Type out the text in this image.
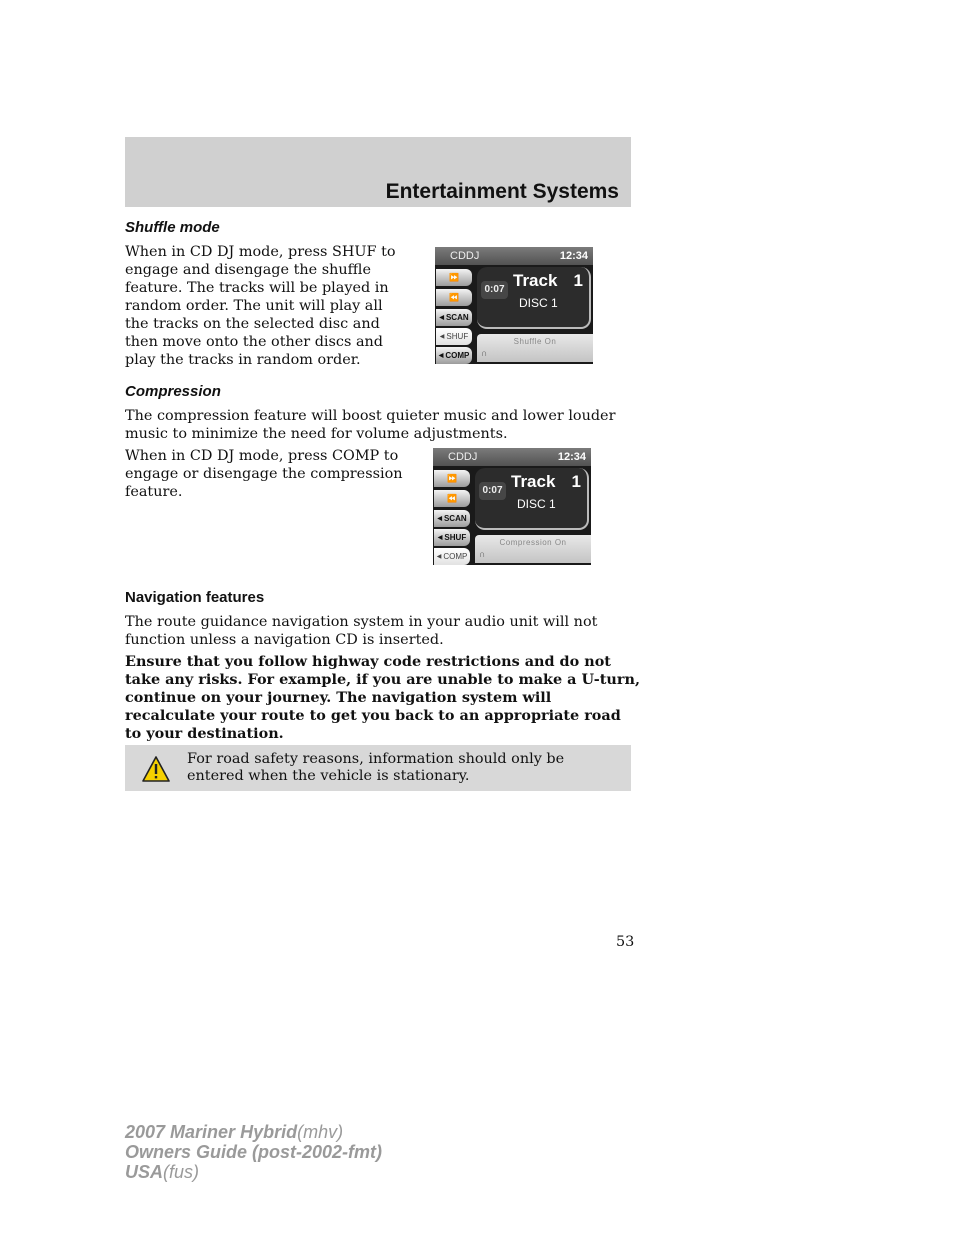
Entertainment Systems
Shuffle mode

When in CD DJ mode, press SHUF to engage and disengage the shuffle feature. The tracks will be played in random order. The unit will play all the tracks on the selected disc and then move onto the other discs and play the tracks in random order.

CDDJ	12:34
⏩
⏪
◀ SCAN
◀ SHUF
◀ COMP
0:07 Track 1
DISC 1
Shuffle On
∩
Compression

The compression feature will boost quieter music and lower louder music to minimize the need for volume adjustments.

When in CD DJ mode, press COMP to engage or disengage the compression feature.

CDDJ	12:34
⏩
⏪
◀ SCAN
◀ SHUF
◀ COMP
0:07 Track 1
DISC 1
Compression On
∩
Navigation features

The route guidance navigation system in your audio unit will not function unless a navigation CD is inserted.

Ensure that you follow highway code restrictions and do not take any risks. For example, if you are unable to make a U-turn, continue on your journey. The navigation system will recalculate your route to get you back to an appropriate road to your destination.

For road safety reasons, information should only be entered when the vehicle is stationary.

53
2007 Mariner Hybrid(mhv)
Owners Guide (post-2002-fmt)
USA(fus)
